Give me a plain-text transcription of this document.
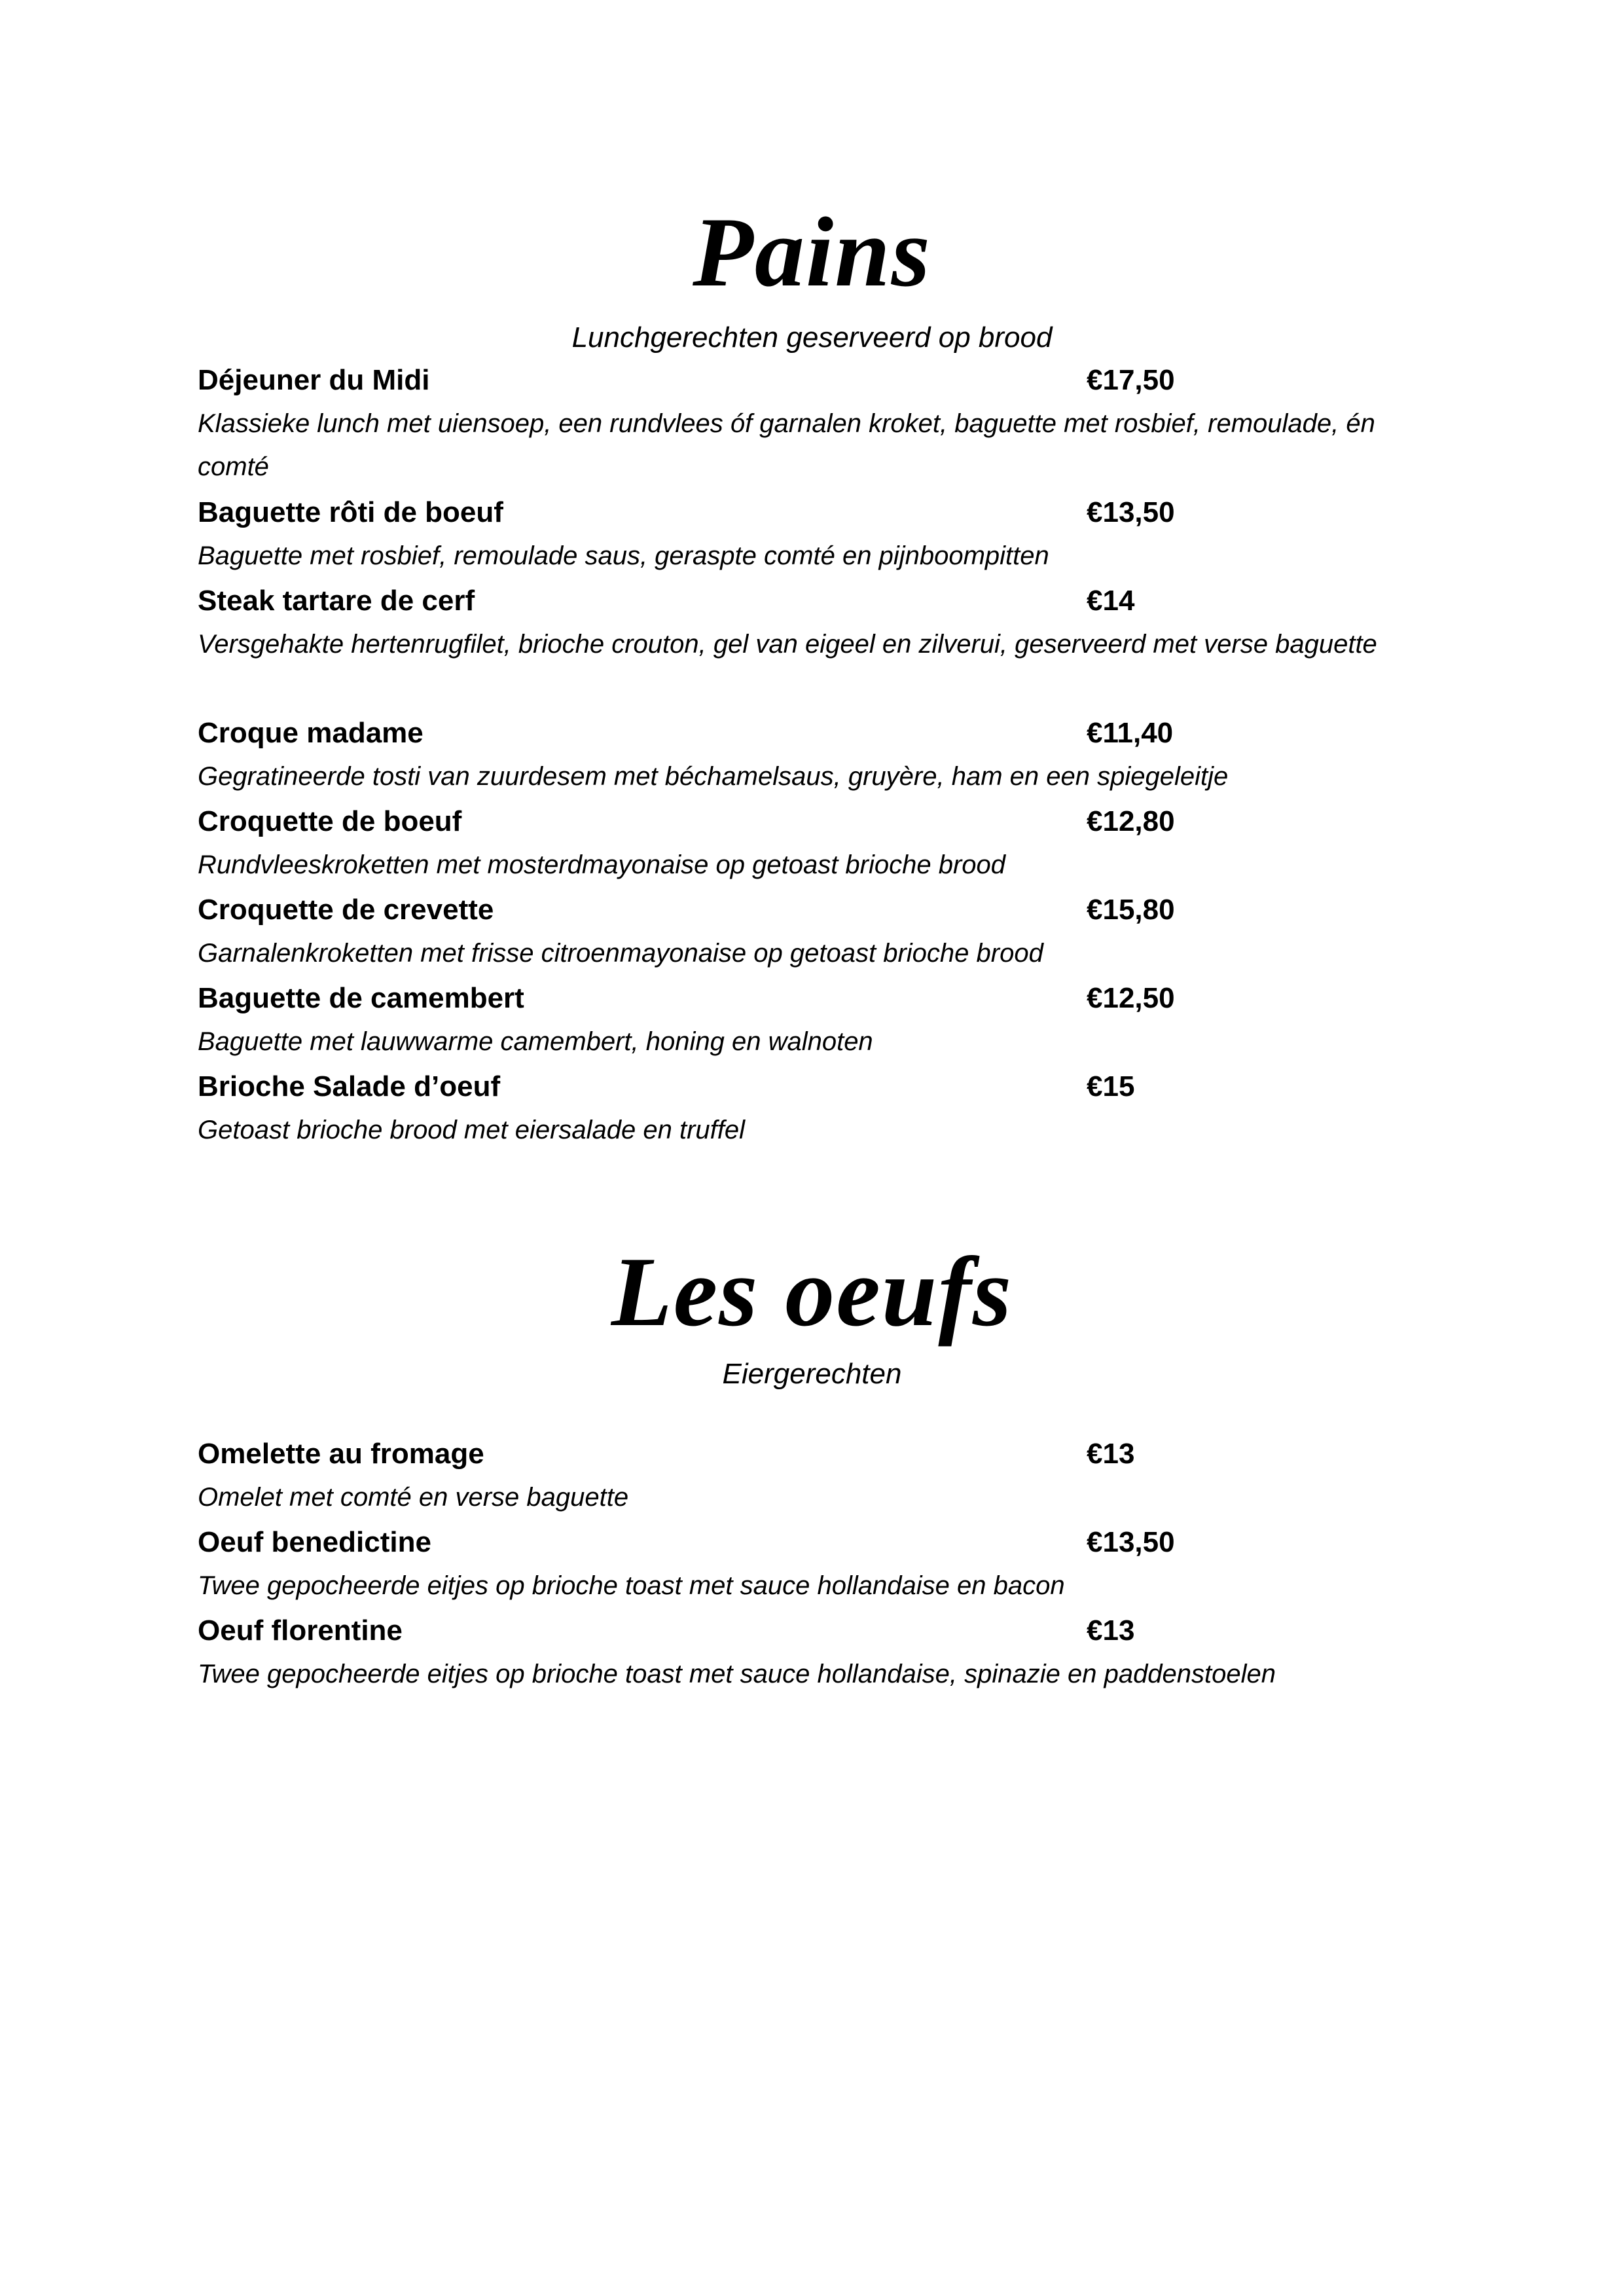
Pains

Lunchgerechten geserveerd op brood

Déjeuner du Midi	€17,50
Klassieke lunch met uiensoep, een rundvlees óf garnalen kroket, baguette met rosbief, remoulade, én comté
Baguette rôti de boeuf	€13,50
Baguette met rosbief, remoulade saus, geraspte comté en pijnboompitten
Steak tartare de cerf	€14
Versgehakte hertenrugfilet, brioche crouton, gel van eigeel en zilverui, geserveerd met verse baguette
Croque madame	€11,40
Gegratineerde tosti van zuurdesem met béchamelsaus, gruyère, ham en een spiegeleitje
Croquette de boeuf	€12,80
Rundvleeskroketten met mosterdmayonaise op getoast brioche brood
Croquette de crevette	€15,80
Garnalenkroketten met frisse citroenmayonaise op getoast brioche brood
Baguette de camembert	€12,50
Baguette met lauwwarme camembert, honing en walnoten
Brioche Salade d’oeuf	€15
Getoast brioche brood met eiersalade en truffel
Les oeufs

Eiergerechten

Omelette au fromage	€13
Omelet met comté en verse baguette
Oeuf benedictine	€13,50
Twee gepocheerde eitjes op brioche toast met sauce hollandaise en bacon
Oeuf florentine	€13
Twee gepocheerde eitjes op brioche toast met sauce hollandaise, spinazie en paddenstoelen
